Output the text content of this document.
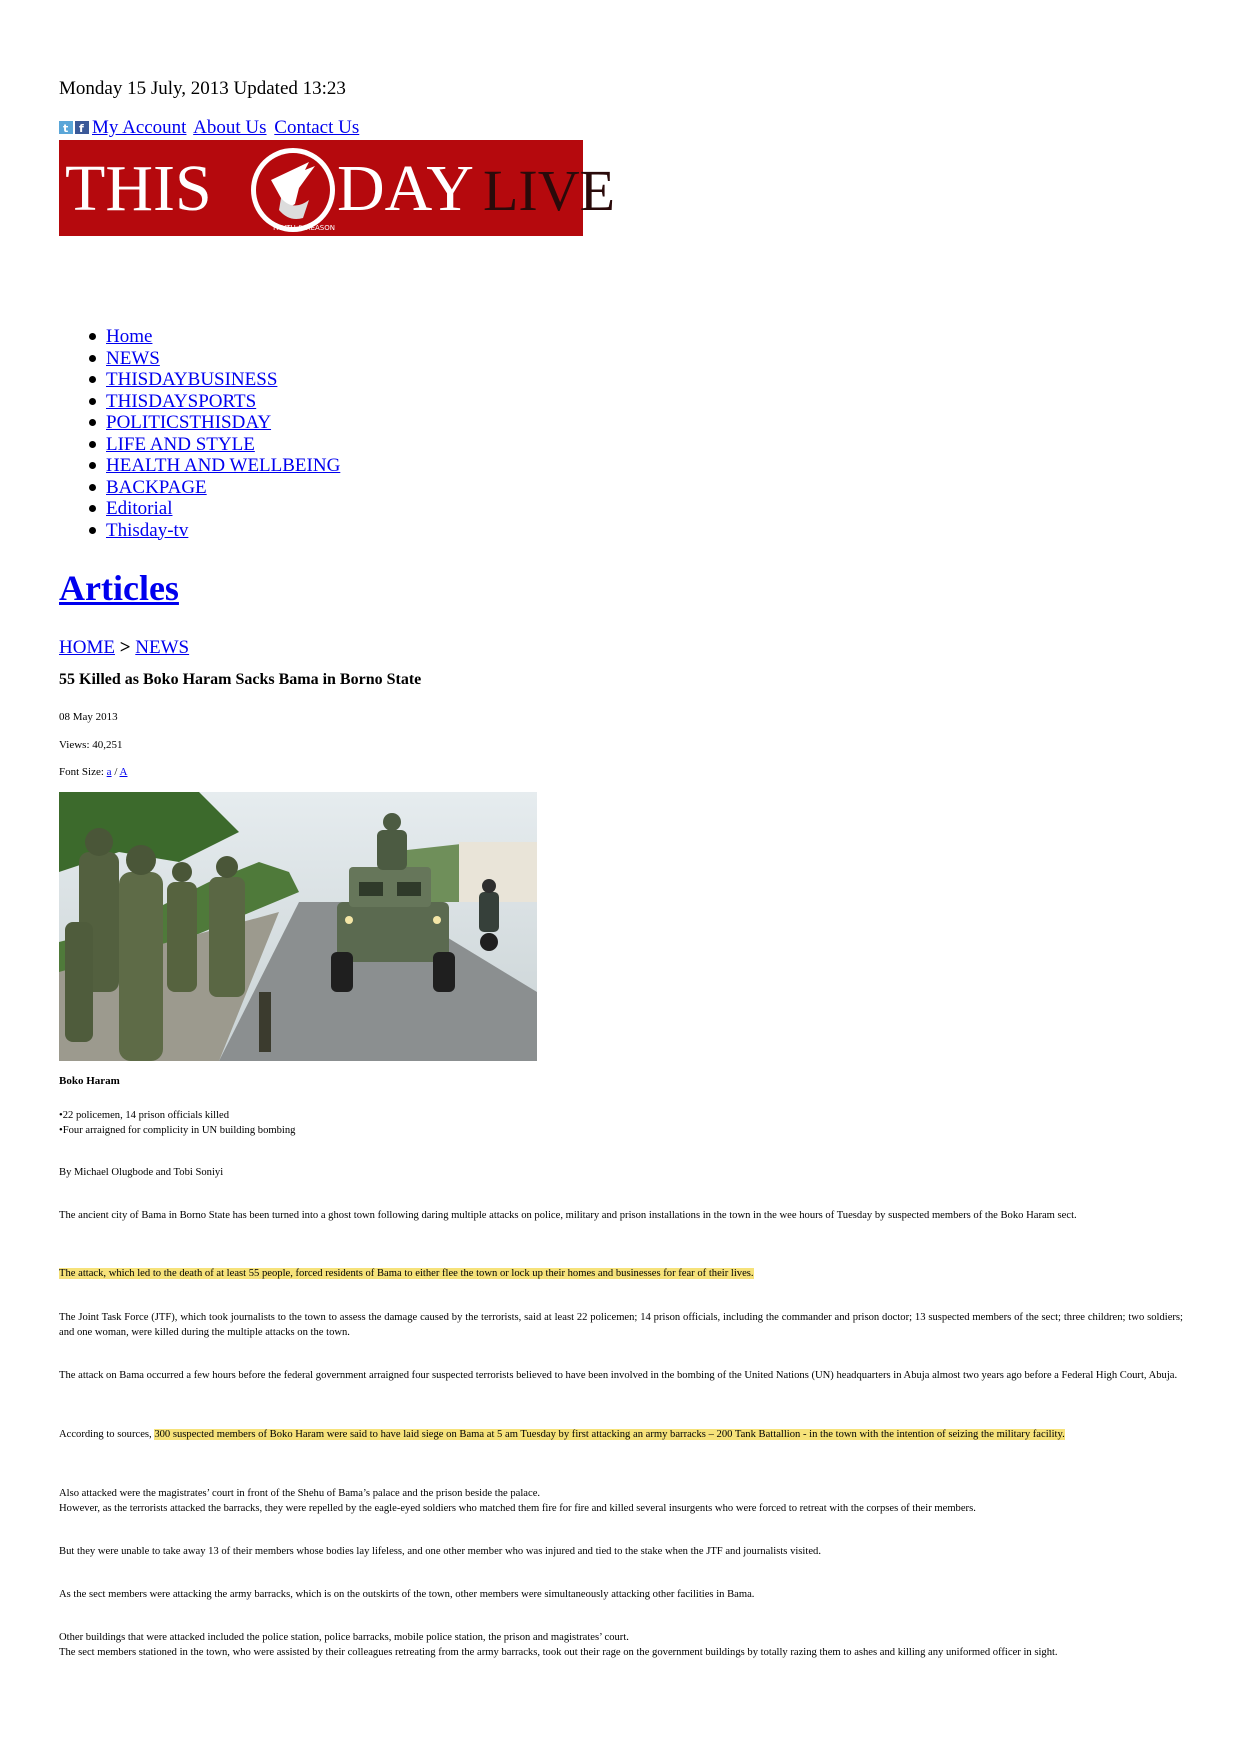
Monday 15 July, 2013 Updated 13:23
t f My Account About Us Contact Us
THIS
TRUTH & REASON
DAY LIVE
Home
NEWS
THISDAYBUSINESS
THISDAYSPORTS
POLITICSTHISDAY
LIFE AND STYLE
HEALTH AND WELLBEING
BACKPAGE
Editorial
Thisday-tv
Articles
HOME > NEWS
55 Killed as Boko Haram Sacks Bama in Borno State
08 May 2013
Views: 40,251
Font Size: a / A
Boko Haram
•22 policemen, 14 prison officials killed
•Four arraigned for complicity in UN building bombing
By Michael Olugbode and Tobi Soniyi
The ancient city of Bama in Borno State has been turned into a ghost town following daring multiple attacks on police, military and prison installations in the town in the wee hours of Tuesday by suspected members of the Boko Haram sect.
The attack, which led to the death of at least 55 people, forced residents of Bama to either flee the town or lock up their homes and businesses for fear of their lives.
The Joint Task Force (JTF), which took journalists to the town to assess the damage caused by the terrorists, said at least 22 policemen; 14 prison officials, including the commander and prison doctor; 13 suspected members of the sect; three children; two soldiers; and one woman, were killed during the multiple attacks on the town.
The attack on Bama occurred a few hours before the federal government arraigned four suspected terrorists believed to have been involved in the bombing of the United Nations (UN) headquarters in Abuja almost two years ago before a Federal High Court, Abuja.
According to sources, 300 suspected members of Boko Haram were said to have laid siege on Bama at 5 am Tuesday by first attacking an army barracks – 200 Tank Battallion - in the town with the intention of seizing the military facility.
Also attacked were the magistrates’ court in front of the Shehu of Bama’s palace and the prison beside the palace.
However, as the terrorists attacked the barracks, they were repelled by the eagle-eyed soldiers who matched them fire for fire and killed several insurgents who were forced to retreat with the corpses of their members.
But they were unable to take away 13 of their members whose bodies lay lifeless, and one other member who was injured and tied to the stake when the JTF and journalists visited.
As the sect members were attacking the army barracks, which is on the outskirts of the town, other members were simultaneously attacking other facilities in Bama.
Other buildings that were attacked included the police station, police barracks, mobile police station, the prison and magistrates’ court.
The sect members stationed in the town, who were assisted by their colleagues retreating from the army barracks, took out their rage on the government buildings by totally razing them to ashes and killing any uniformed officer in sight.
